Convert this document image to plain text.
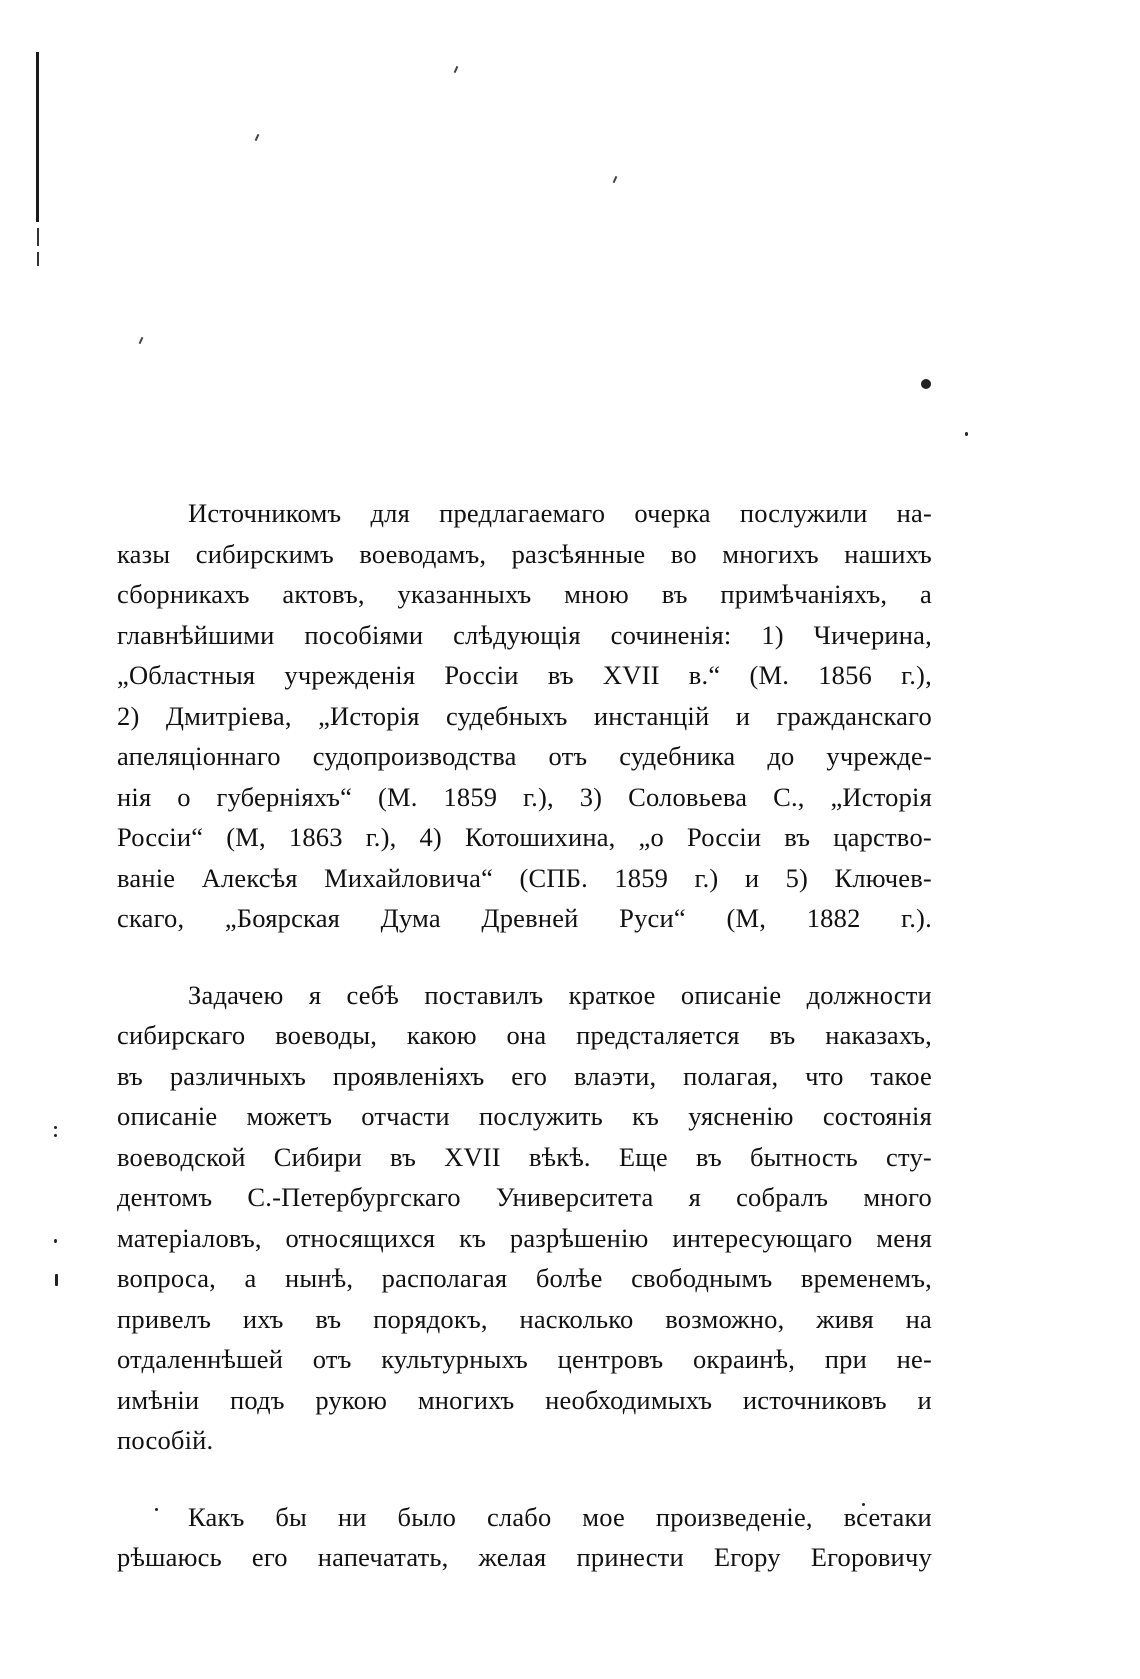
Источникомъ для предлагаемаго очерка послужили на-
казы сибирскимъ воеводамъ, разсѣянные во многихъ нашихъ
сборникахъ актовъ, указанныхъ мною въ примѣчаніяхъ, а
главнѣйшими пособіями слѣдующія сочиненія: 1) Чичерина,
„Областныя учрежденія Россіи въ XVII в.“ (М. 1856 г.),
2) Дмитріева, „Исторія судебныхъ инстанцій и гражданскаго
апеляціоннаго судопроизводства отъ судебника до учрежде-
нія о губерніяхъ“ (М. 1859 г.), 3) Соловьева С., „Исторія
Россіи“ (М, 1863 г.), 4) Котошихина, „о Россіи въ царствo-
ваніе Алексѣя Михайловича“ (СПБ. 1859 г.) и 5) Ключев-
скаго, „Боярская Дума Древней Руси“ (М, 1882 г.).
Задачею я себѣ поставилъ краткое описаніе должности
сибирскаго воеводы, какою она предсталяется въ наказахъ,
въ различныхъ проявленіяхъ его влаэти, полагая, что такое
описаніе можетъ отчасти послужить къ уясненію состоянія
воеводской Сибири въ XVII вѣкѣ. Еще въ бытность сту-
дентомъ С.-Петербургскаго Университета я собралъ много
матеріаловъ, относящихся къ разрѣшенію интересующаго меня
вопроса, а нынѣ, располагая болѣе свободнымъ временемъ,
привелъ ихъ въ порядокъ, насколько возможно, живя на
отдаленнѣшей отъ культурныхъ центровъ окраинѣ, при не-
имѣніи подъ рукою многихъ необходимыхъ источниковъ и
пособій.

Какъ бы ни было слабо мое произведеніе, всетаки
рѣшаюсь его напечатать, желая принести Егору Егоровичу
